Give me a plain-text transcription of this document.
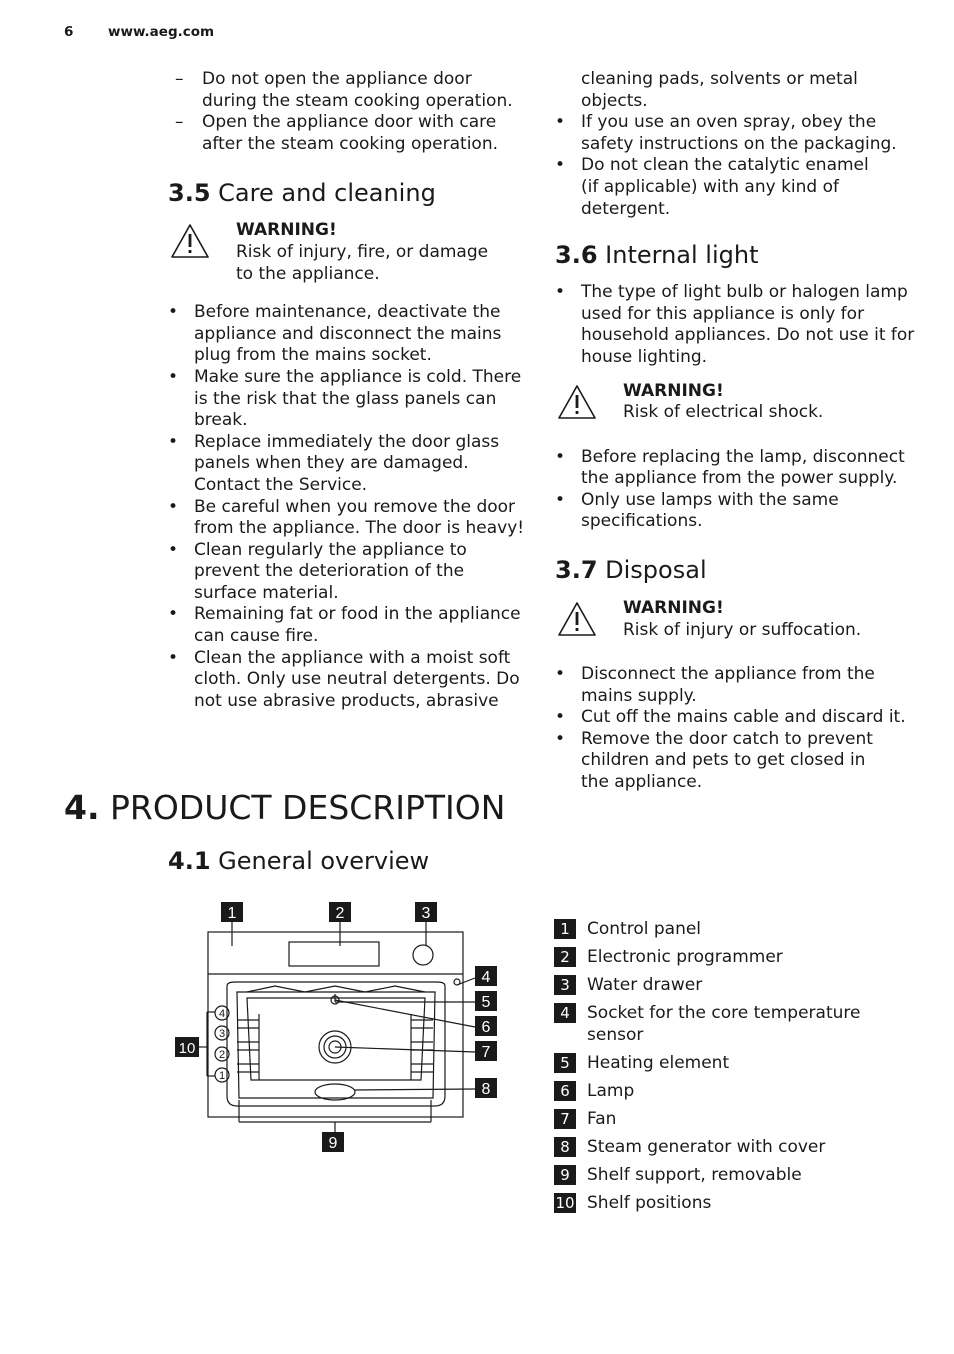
6	www.aeg.com
– Do not open the appliance door during the steam cooking operation.
– Open the appliance door with care after the steam cooking operation.
3.5 Care and cleaning
WARNING!
Risk of injury, fire, or damage to the appliance.
• Before maintenance, deactivate the appliance and disconnect the mains plug from the mains socket.
• Make sure the appliance is cold. There is the risk that the glass panels can break.
• Replace immediately the door glass panels when they are damaged. Contact the Service.
• Be careful when you remove the door from the appliance. The door is heavy!
• Clean regularly the appliance to prevent the deterioration of the surface material.
• Remaining fat or food in the appliance can cause fire.
• Clean the appliance with a moist soft cloth. Only use neutral detergents. Do not use abrasive products, abrasive
cleaning pads, solvents or metal objects.
• If you use an oven spray, obey the safety instructions on the packaging.
• Do not clean the catalytic enamel (if applicable) with any kind of detergent.
3.6 Internal light
• The type of light bulb or halogen lamp used for this appliance is only for household appliances. Do not use it for house lighting.
WARNING!
Risk of electrical shock.
• Before replacing the lamp, disconnect the appliance from the power supply.
• Only use lamps with the same specifications.
3.7 Disposal
WARNING!
Risk of injury or suffocation.
• Disconnect the appliance from the mains supply.
• Cut off the mains cable and discard it.
• Remove the door catch to prevent children and pets to get closed in the appliance.
4. PRODUCT DESCRIPTION
4.1 General overview
4
3
2
1
1	2	3
4
5
6
7
8
9
10
1	Control panel
2	Electronic programmer
3	Water drawer
4	Socket for the core temperature sensor
5	Heating element
6	Lamp
7	Fan
8	Steam generator with cover
9	Shelf support, removable
10 Shelf positions
